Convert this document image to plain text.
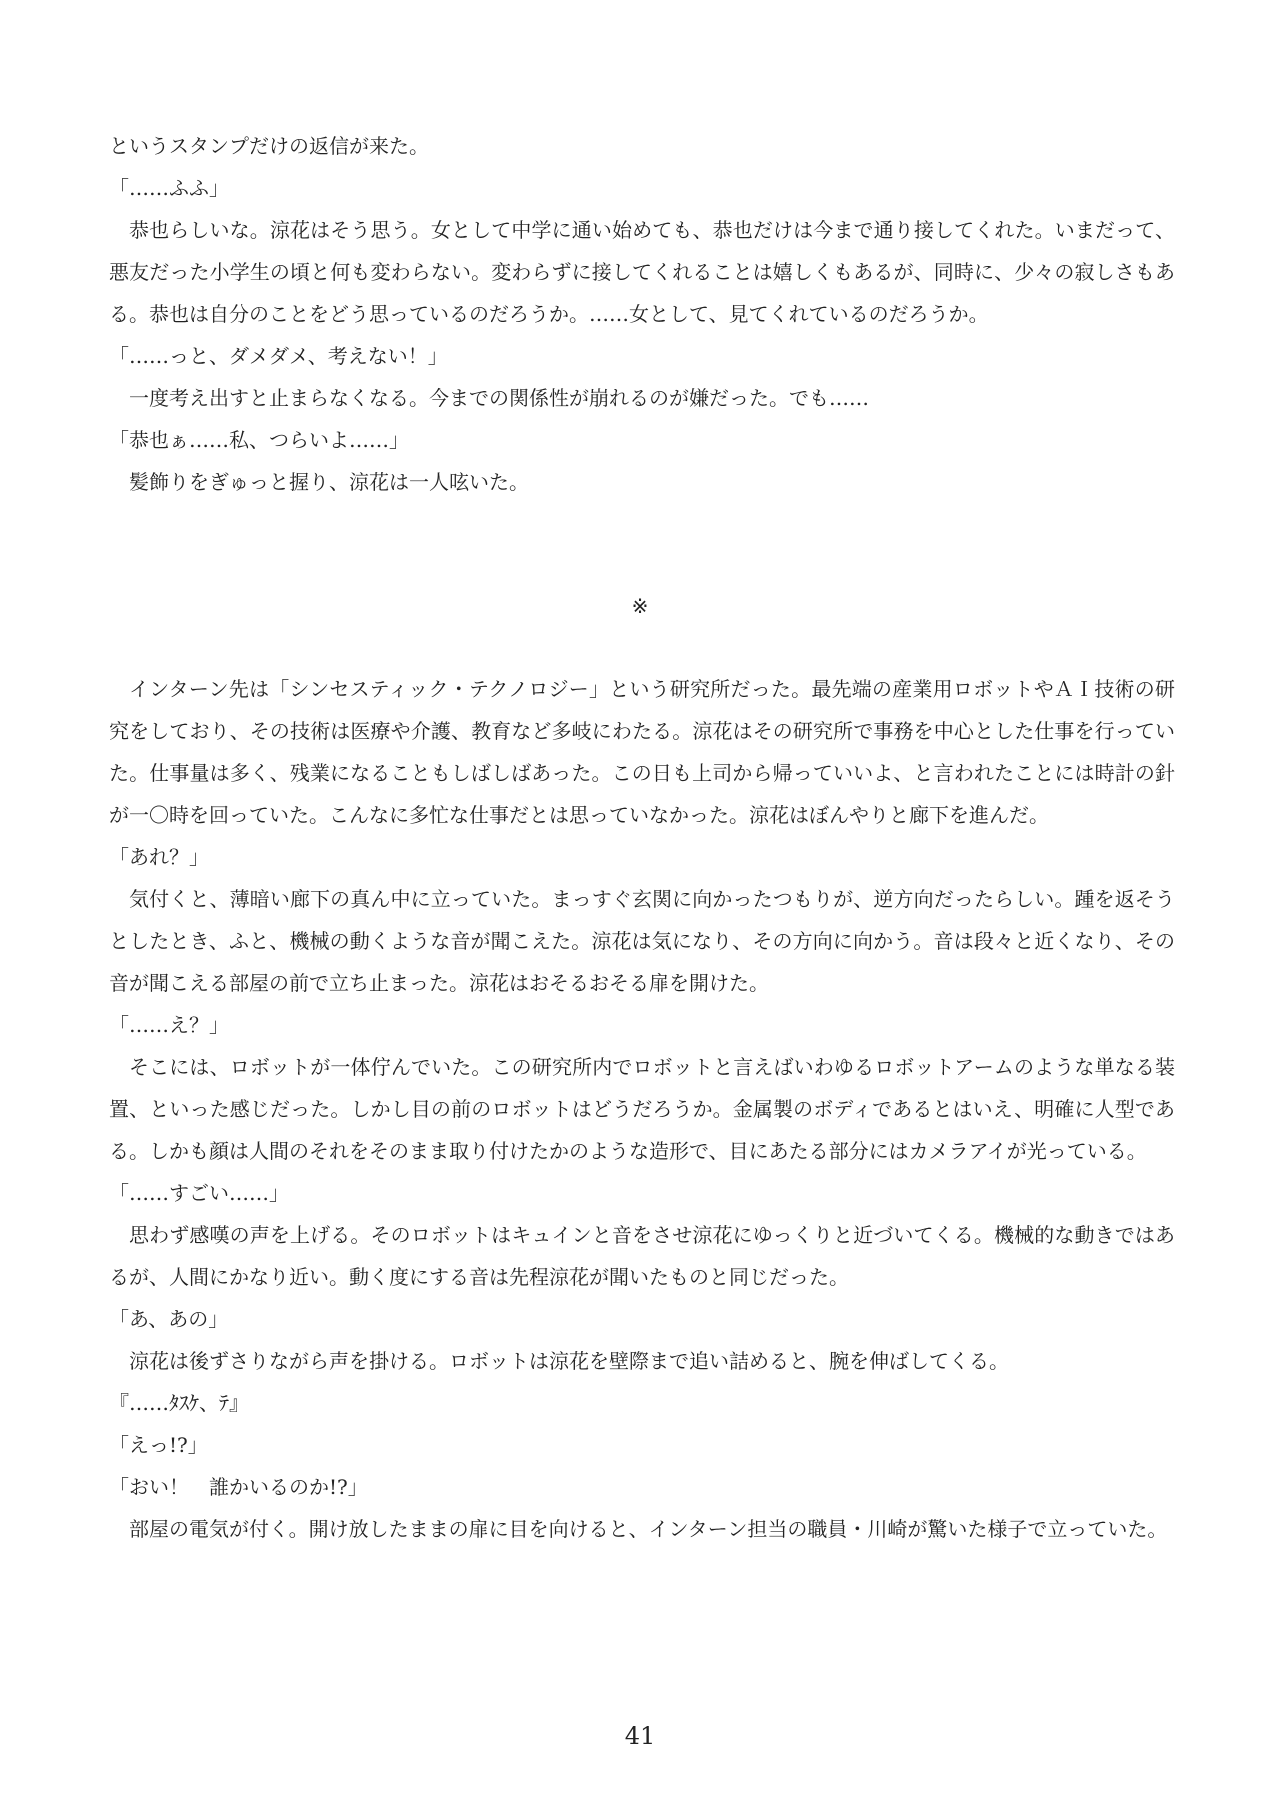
というスタンプだけの返信が来た。

「……ふふ」

恭也らしいな。涼花はそう思う。女として中学に通い始めても、恭也だけは今まで通り接してくれた。いまだって、悪友だった小学生の頃と何も変わらない。変わらずに接してくれることは嬉しくもあるが、同時に、少々の寂しさもある。恭也は自分のことをどう思っているのだろうか。……女として、見てくれているのだろうか。

「……っと、ダメダメ、考えない！」

一度考え出すと止まらなくなる。今までの関係性が崩れるのが嫌だった。でも……

「恭也ぁ……私、つらいよ……」

髪飾りをぎゅっと握り、涼花は一人呟いた。

※

インターン先は「シンセスティック・テクノロジー」という研究所だった。最先端の産業用ロボットやＡＩ技術の研究をしており、その技術は医療や介護、教育など多岐にわたる。涼花はその研究所で事務を中心とした仕事を行っていた。仕事量は多く、残業になることもしばしばあった。この日も上司から帰っていいよ、と言われたことには時計の針が一〇時を回っていた。こんなに多忙な仕事だとは思っていなかった。涼花はぼんやりと廊下を進んだ。

「あれ？」

気付くと、薄暗い廊下の真ん中に立っていた。まっすぐ玄関に向かったつもりが、逆方向だったらしい。踵を返そうとしたとき、ふと、機械の動くような音が聞こえた。涼花は気になり、その方向に向かう。音は段々と近くなり、その音が聞こえる部屋の前で立ち止まった。涼花はおそるおそる扉を開けた。

「……え？」

そこには、ロボットが一体佇んでいた。この研究所内でロボットと言えばいわゆるロボットアームのような単なる装置、といった感じだった。しかし目の前のロボットはどうだろうか。金属製のボディであるとはいえ、明確に人型である。しかも顔は人間のそれをそのまま取り付けたかのような造形で、目にあたる部分にはカメラアイが光っている。

「……すごい……」

思わず感嘆の声を上げる。そのロボットはキュインと音をさせ涼花にゆっくりと近づいてくる。機械的な動きではあるが、人間にかなり近い。動く度にする音は先程涼花が聞いたものと同じだった。

「あ、あの」

涼花は後ずさりながら声を掛ける。ロボットは涼花を壁際まで追い詰めると、腕を伸ばしてくる。

『……ﾀｽｹ、ﾃ』

「えっ!?」

「おい！　誰かいるのか!?」

部屋の電気が付く。開け放したままの扉に目を向けると、インターン担当の職員・川崎が驚いた様子で立っていた。

41
